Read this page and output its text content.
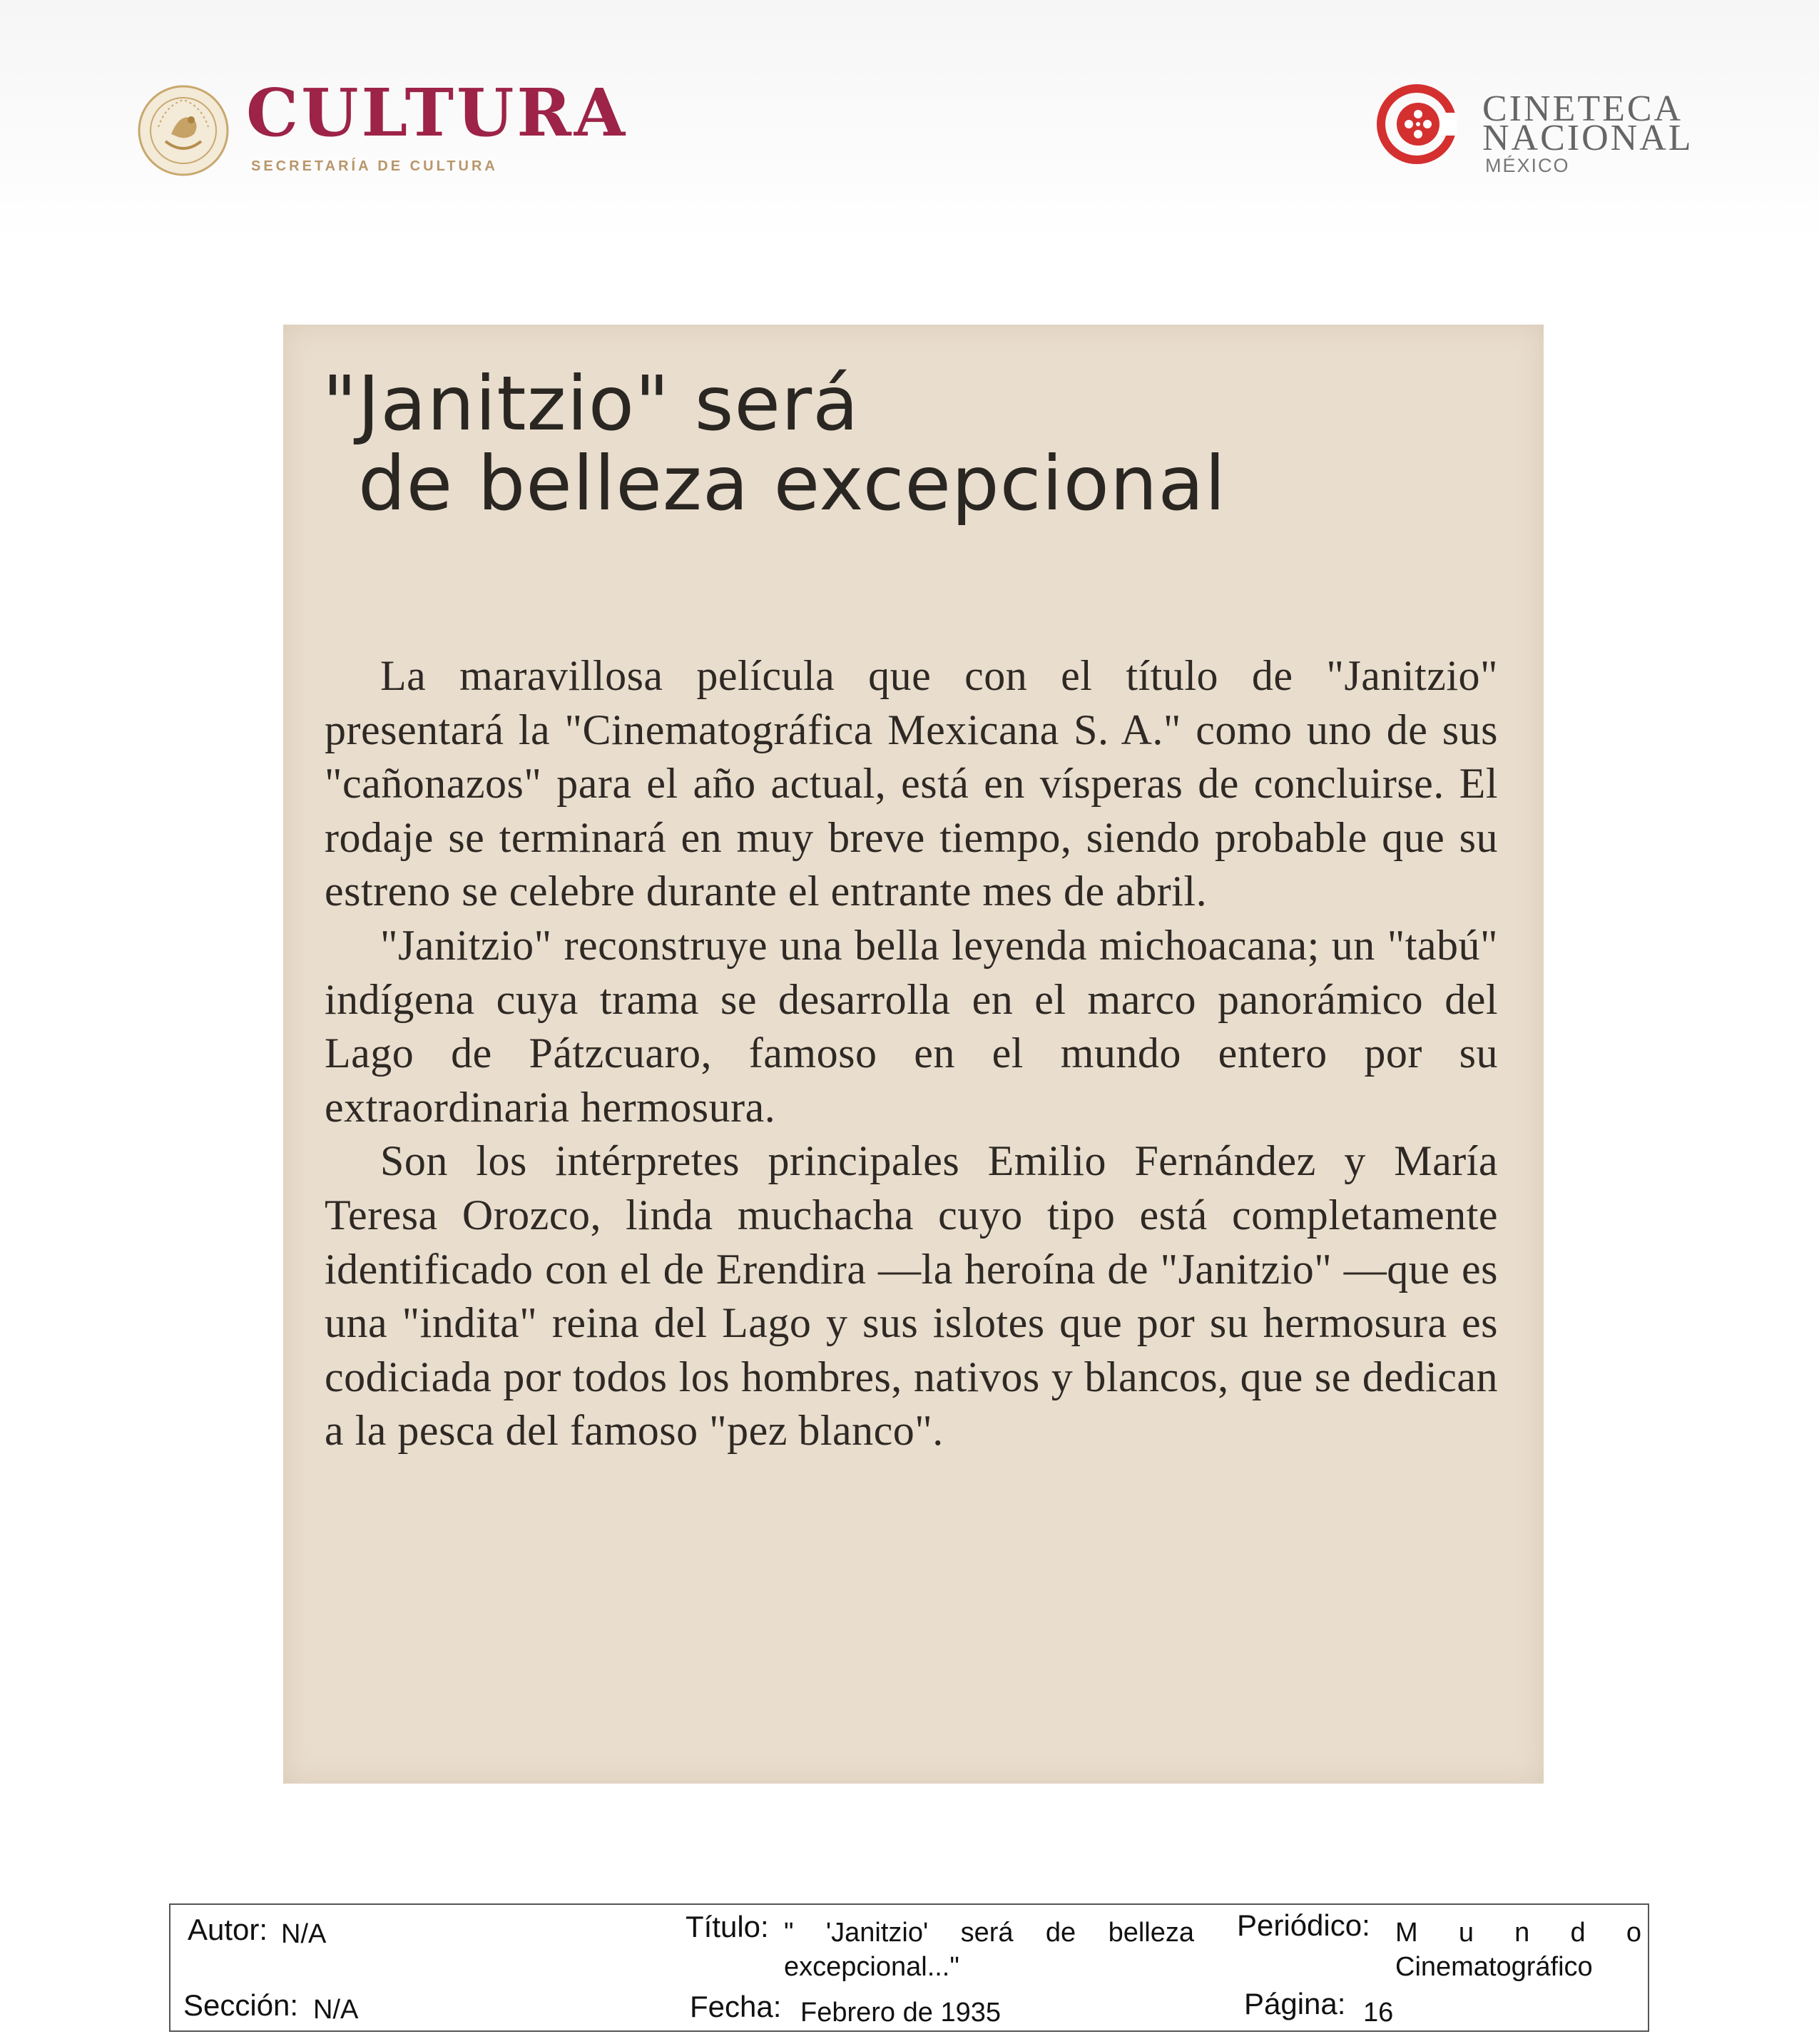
CULTURA
SECRETARÍA DE CULTURA
CINETECA
NACIONAL
MÉXICO
"Janitzio" será
de belleza excepcional

La maravillosa película que con el título de "Janitzio" presentará la "Cinematográfica Mexicana S. A." como uno de sus "cañonazos" para el año actual, está en vísperas de concluirse. El rodaje se terminará en muy breve tiempo, siendo probable que su estreno se celebre durante el entrante mes de abril.

"Janitzio" reconstruye una bella leyenda michoacana; un "tabú" indígena cuya trama se desarrolla en el marco panorámico del Lago de Pátzcuaro, famoso en el mundo entero por su extraordinaria hermosura.

Son los intérpretes principales Emilio Fernández y María Teresa Orozco, linda muchacha cuyo tipo está completamente identificado con el de Erendira —la heroína de "Janitzio" —que es una "indita" reina del Lago y sus islotes que por su hermosura es codiciada por todos los hombres, nativos y blancos, que se dedican a la pesca del famoso "pez blanco".

Autor: N/A
Sección: N/A
Título: " 'Janitzio' será de belleza excepcional..."
Fecha: Febrero de 1935
Periódico: M u n d o
Cinematográfico
Página: 16
